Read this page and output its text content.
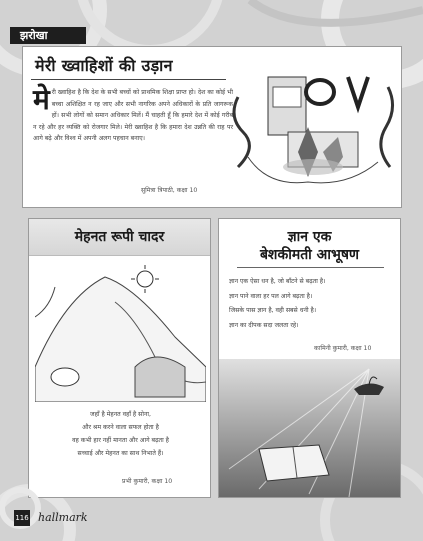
झरोखा
मेरी ख्वाहिशों की उड़ान
मे री ख्वाहिश है कि देश के सभी बच्चों को प्राथमिक शिक्षा प्राप्त हो। देश का कोई भी बच्चा अशिक्षित न रह जाए और सभी नागरिक अपने अधिकारों के प्रति जागरूक हों। सभी लोगों को समान अधिकार मिलें। मैं चाहती हूँ कि हमारे देश में कोई गरीब न रहे और हर व्यक्ति को रोजगार मिले। मेरी ख्वाहिश है कि हमारा देश उन्नति की राह पर आगे बढ़े और विश्व में अपनी अलग पहचान बनाए।
सुमित्रा त्रिपाठी, कक्षा 10
मेहनत रूपी चादर
जहाँ है मेहनत वहाँ है सोना,
और श्रम करने वाला सफल होता है
वह कभी हार नहीं मानता और आगे बढ़ता है
सच्चाई और मेहनत का साथ निभाते हैं।
प्रभी कुमारी, कक्षा 10
ज्ञान एक
बेशकीमती आभूषण
ज्ञान एक ऐसा धन है, जो बाँटने से बढ़ता है।
ज्ञान पाने वाला हर पल आगे बढ़ता है।
जिसके पास ज्ञान है, वही सबसे धनी है।
ज्ञान का दीपक सदा जलता रहे।
कामिनी कुमारी, कक्षा 10
116 hallmark
